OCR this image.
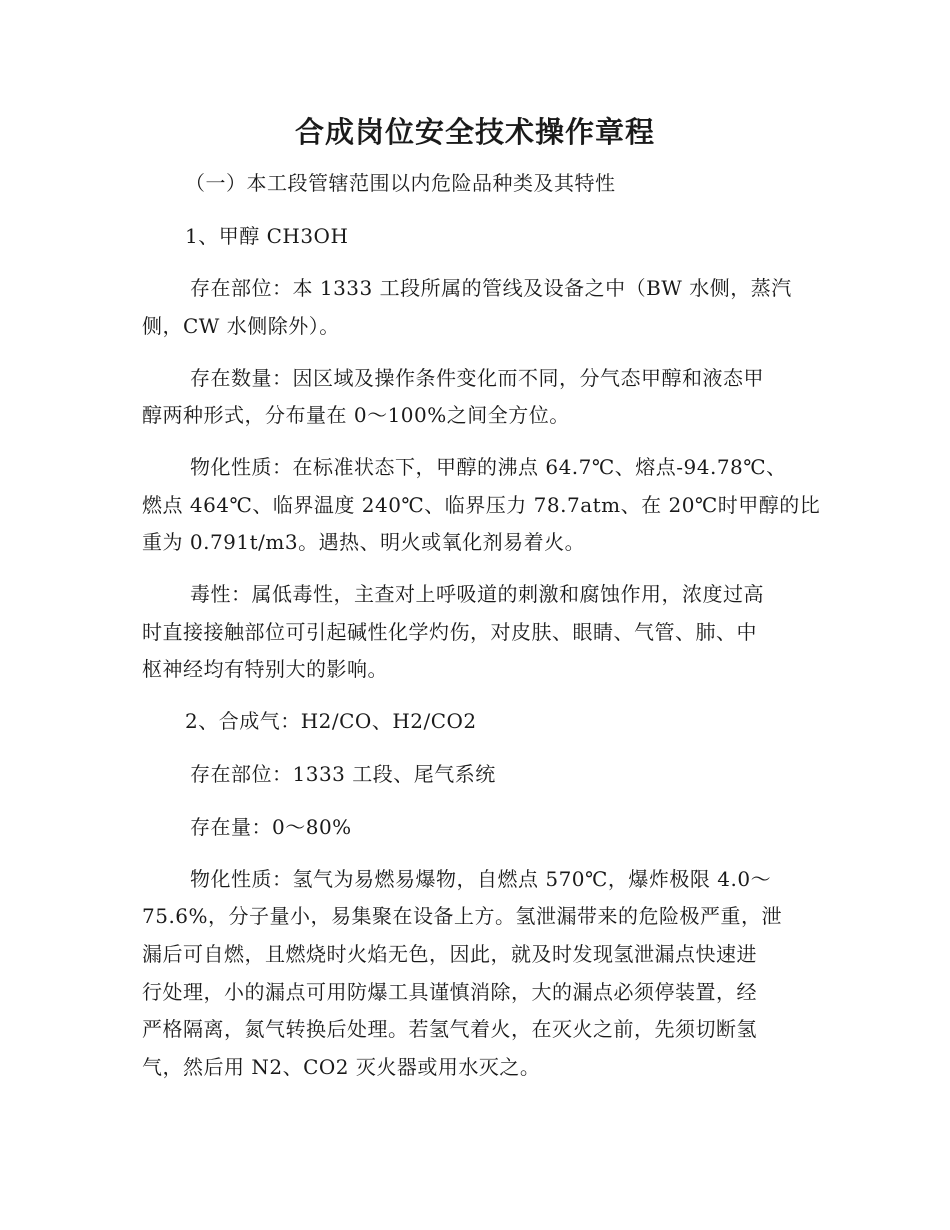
合成岗位安全技术操作章程
（一）本工段管辖范围以内危险品种类及其特性
1、甲醇 CH3OH
存在部位：本 1333 工段所属的管线及设备之中（BW 水侧，蒸汽
侧，CW 水侧除外）。
存在数量：因区域及操作条件变化而不同，分气态甲醇和液态甲
醇两种形式，分布量在 0～100%之间全方位。
物化性质：在标准状态下，甲醇的沸点 64.7℃、熔点-94.78℃、
燃点 464℃、临界温度 240℃、临界压力 78.7atm、在 20℃时甲醇的比
重为 0.791t/m3。遇热、明火或氧化剂易着火。
毒性：属低毒性，主查对上呼吸道的刺激和腐蚀作用，浓度过高
时直接接触部位可引起碱性化学灼伤，对皮肤、眼睛、气管、肺、中
枢神经均有特别大的影响。
2、合成气：H2/CO、H2/CO2
存在部位：1333 工段、尾气系统
存在量：0～80%
物化性质：氢气为易燃易爆物，自燃点 570℃，爆炸极限 4.0～
75.6%，分子量小，易集聚在设备上方。氢泄漏带来的危险极严重，泄
漏后可自燃，且燃烧时火焰无色，因此，就及时发现氢泄漏点快速进
行处理，小的漏点可用防爆工具谨慎消除，大的漏点必须停装置，经
严格隔离，氮气转换后处理。若氢气着火，在灭火之前，先须切断氢
气，然后用 N2、CO2 灭火器或用水灭之。
